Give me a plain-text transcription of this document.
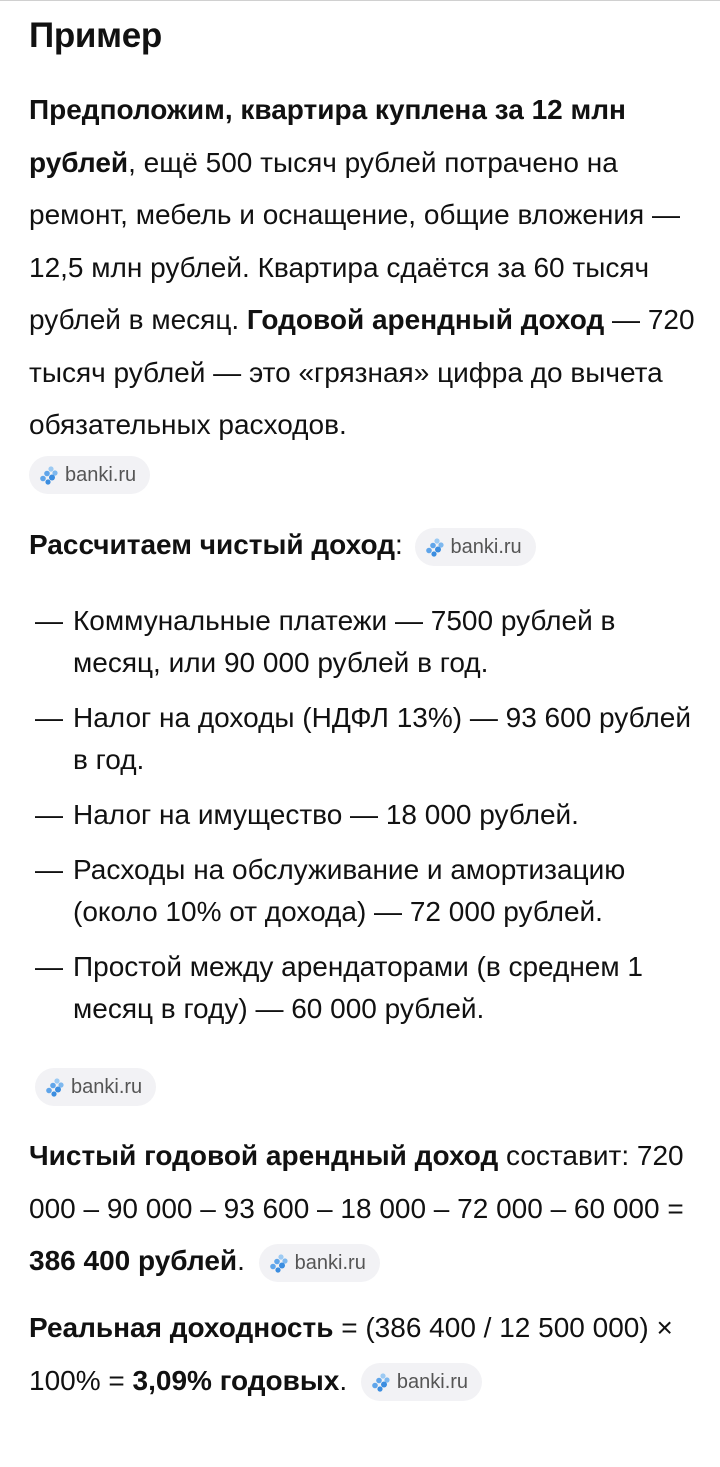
Пример
Предположим, квартира куплена за 12 млн рублей, ещё 500 тысяч рублей потрачено на ремонт, мебель и оснащение, общие вложения — 12,5 млн рублей. Квартира сдаётся за 60 тысяч рублей в месяц. Годовой арендный доход — 720 тысяч рублей — это «грязная» цифра до вычета обязательных расходов.
banki.ru
Рассчитаем чистый доход: banki.ru
— Коммунальные платежи — 7500 рублей в месяц, или 90 000 рублей в год.
— Налог на доходы (НДФЛ 13%) — 93 600 рублей в год.
— Налог на имущество — 18 000 рублей.
— Расходы на обслуживание и амортизацию (около 10% от дохода) — 72 000 рублей.
— Простой между арендаторами (в среднем 1 месяц в году) — 60 000 рублей.
banki.ru
Чистый годовой арендный доход составит: 720 000 – 90 000 – 93 600 – 18 000 – 72 000 – 60 000 = 386 400 рублей. banki.ru
Реальная доходность = (386 400 / 12 500 000) × 100% = 3,09% годовых. banki.ru
